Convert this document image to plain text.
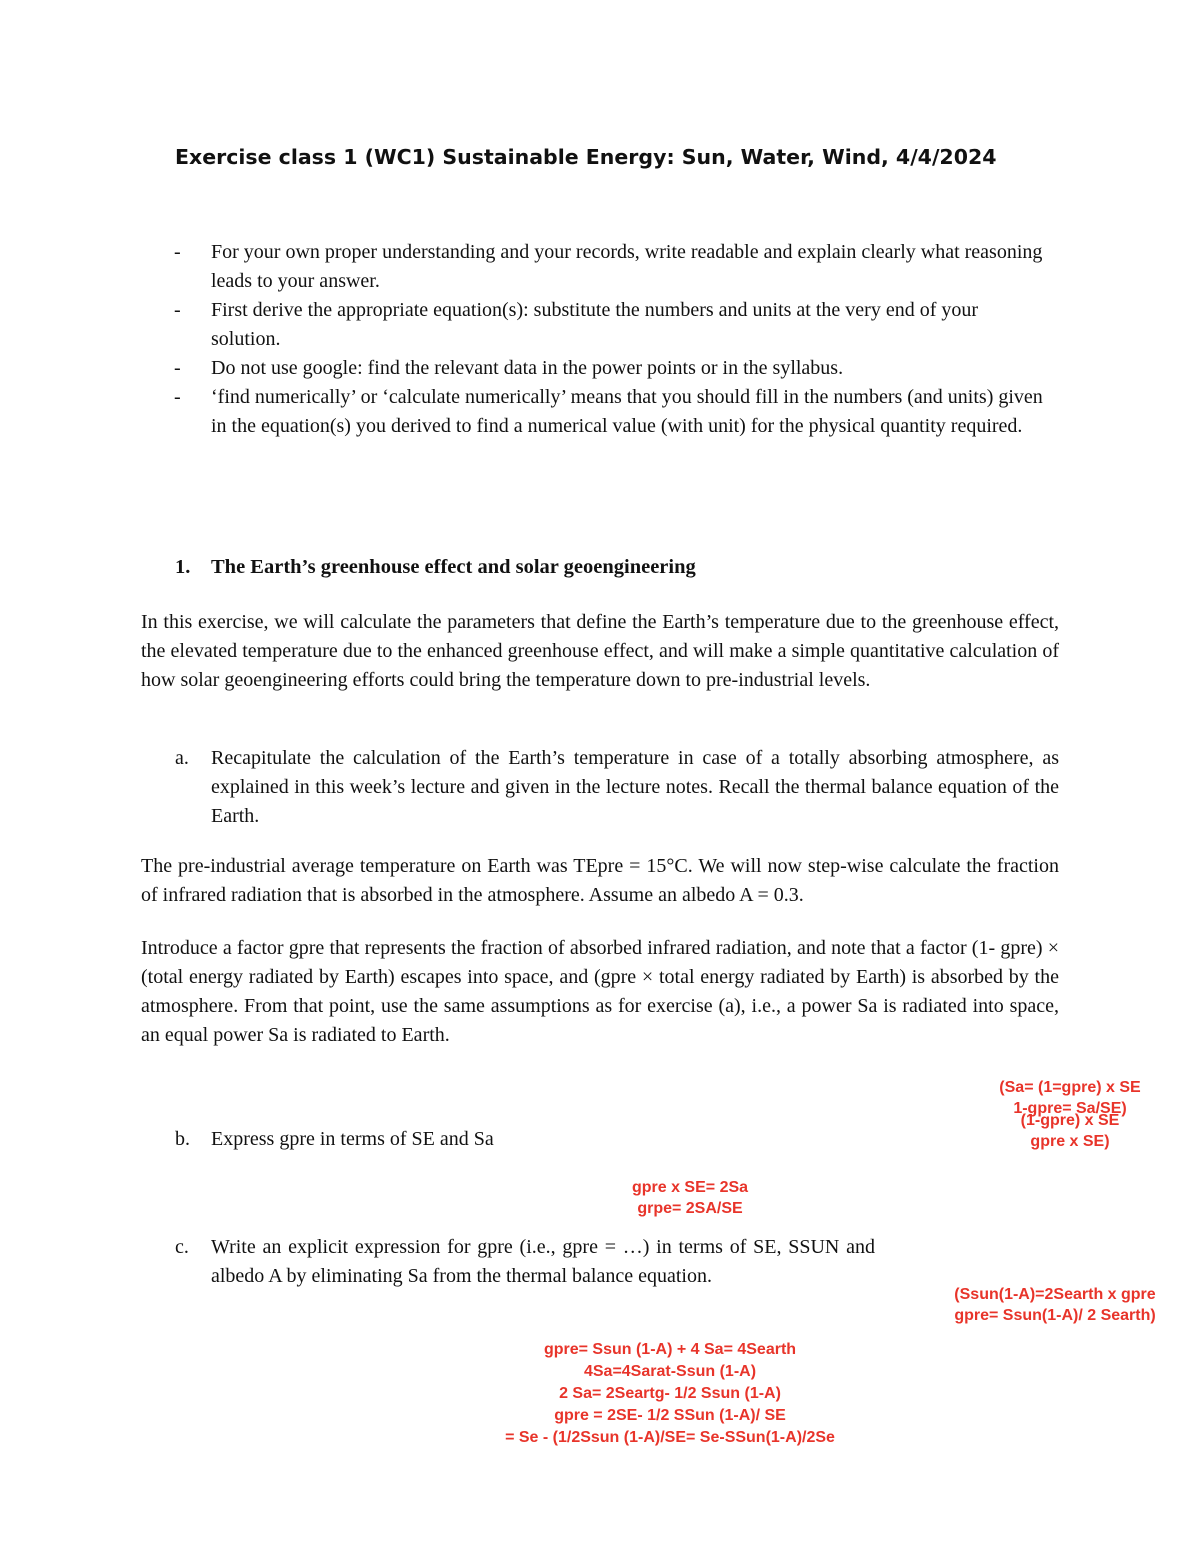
Exercise class 1 (WC1) Sustainable Energy: Sun, Water, Wind, 4/4/2024
- For your own proper understanding and your records, write readable and explain clearly what reasoning leads to your answer.
- First derive the appropriate equation(s): substitute the numbers and units at the very end of your solution.
- Do not use google: find the relevant data in the power points or in the syllabus.
- ‘find numerically’ or ‘calculate numerically’ means that you should fill in the numbers (and units) given in the equation(s) you derived to find a numerical value (with unit) for the physical quantity required.
1. The Earth’s greenhouse effect and solar geoengineering
In this exercise, we will calculate the parameters that define the Earth’s temperature due to the greenhouse effect, the elevated temperature due to the enhanced greenhouse effect, and will make a simple quantitative calculation of how solar geoengineering efforts could bring the temperature down to pre-industrial levels.
a. Recapitulate the calculation of the Earth’s temperature in case of a totally absorbing atmosphere, as explained in this week’s lecture and given in the lecture notes. Recall the thermal balance equation of the Earth.
The pre-industrial average temperature on Earth was TEpre = 15°C. We will now step-wise calculate the fraction of infrared radiation that is absorbed in the atmosphere. Assume an albedo A = 0.3.
Introduce a factor gpre that represents the fraction of absorbed infrared radiation, and note that a factor (1- gpre) × (total energy radiated by Earth) escapes into space, and (gpre × total energy radiated by Earth) is absorbed by the atmosphere. From that point, use the same assumptions as for exercise (a), i.e., a power Sa is radiated into space, an equal power Sa is radiated to Earth.
b. Express gpre in terms of SE and Sa
c. Write an explicit expression for gpre (i.e., gpre = …) in terms of SE, SSUN and albedo A by eliminating Sa from the thermal balance equation.
(Sa= (1=gpre) x SE
1-gpre= Sa/SE)
(1-gpre) x SE
gpre x SE)
gpre x SE= 2Sa
grpe= 2SA/SE
(Ssun(1-A)=2Searth x gpre
gpre= Ssun(1-A)/ 2 Searth)
gpre= Ssun (1-A) + 4 Sa= 4Searth
4Sa=4Sarat-Ssun (1-A)
2 Sa= 2Seartg- 1/2 Ssun (1-A)
gpre = 2SE- 1/2 SSun (1-A)/ SE
= Se - (1/2Ssun (1-A)/SE= Se-SSun(1-A)/2Se
